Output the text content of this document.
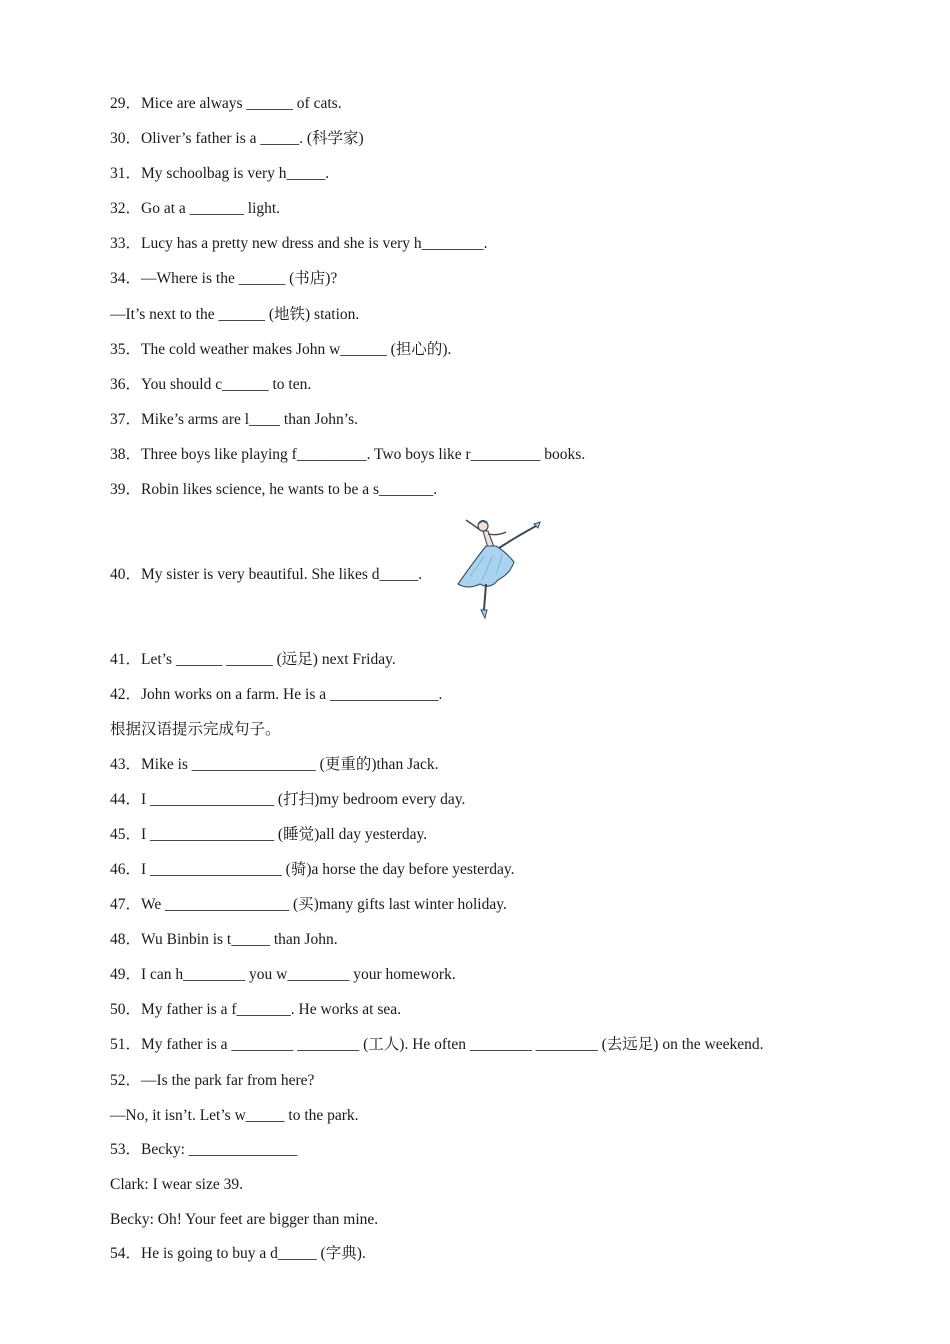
29．Mice are always ______ of cats.
30．Oliver’s father is a _____. (科学家)
31．My schoolbag is very h_____.
32．Go at a _______ light.
33．Lucy has a pretty new dress and she is very h________.
34．—Where is the ______ (书店)?
—It’s next to the ______ (地铁) station.
35．The cold weather makes John w______ (担心的).
36．You should c______ to ten.
37．Mike’s arms are l____ than John’s.
38．Three boys like playing f_________. Two boys like r_________ books.
39．Robin likes science, he wants to be a s_______.
40．My sister is very beautiful. She likes d_____.
41．Let’s ______ ______ (远足) next Friday.
42．John works on a farm. He is a ______________.
根据汉语提示完成句子。
43．Mike is ________________ (更重的)than Jack.
44．I ________________ (打扫)my bedroom every day.
45．I ________________ (睡觉)all day yesterday.
46．I _________________ (骑)a horse the day before yesterday.
47．We ________________ (买)many gifts last winter holiday.
48．Wu Binbin is t_____ than John.
49．I can h________ you w________ your homework.
50．My father is a f_______. He works at sea.
51．My father is a ________ ________ (工人). He often ________ ________ (去远足) on the weekend.
52．—Is the park far from here?
—No, it isn’t. Let’s w_____ to the park.
53．Becky: ______________
Clark: I wear size 39.
Becky: Oh! Your feet are bigger than mine.
54．He is going to buy a d_____ (字典).
